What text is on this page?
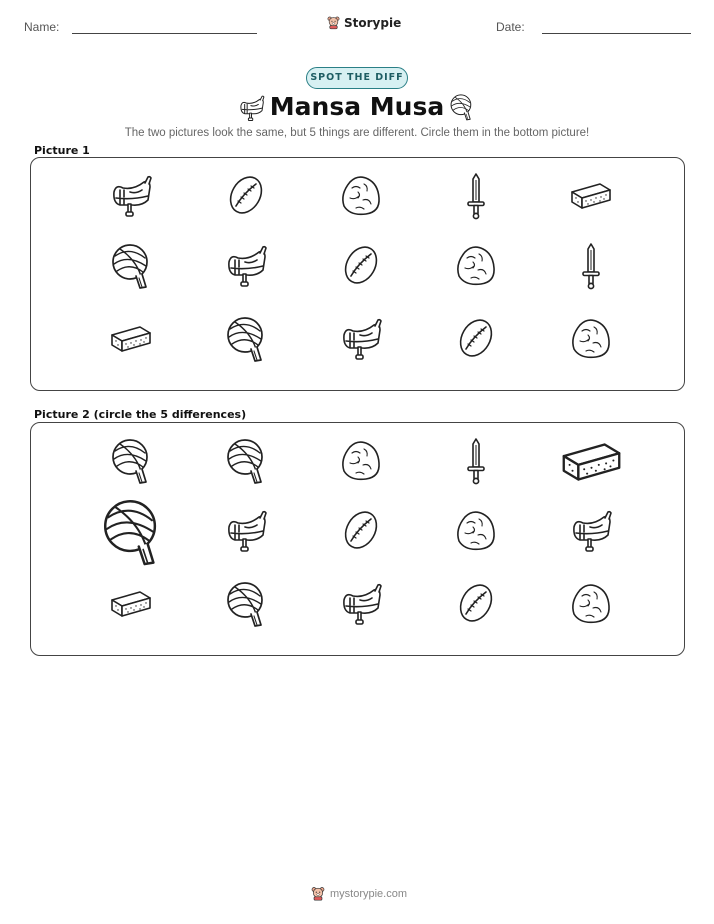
Name:	Storypie	Date:
SPOT THE DIFF
Mansa Musa
The two pictures look the same, but 5 things are different. Circle them in the bottom picture!
Picture 1
Picture 2 (circle the 5 differences)
mystorypie.com
